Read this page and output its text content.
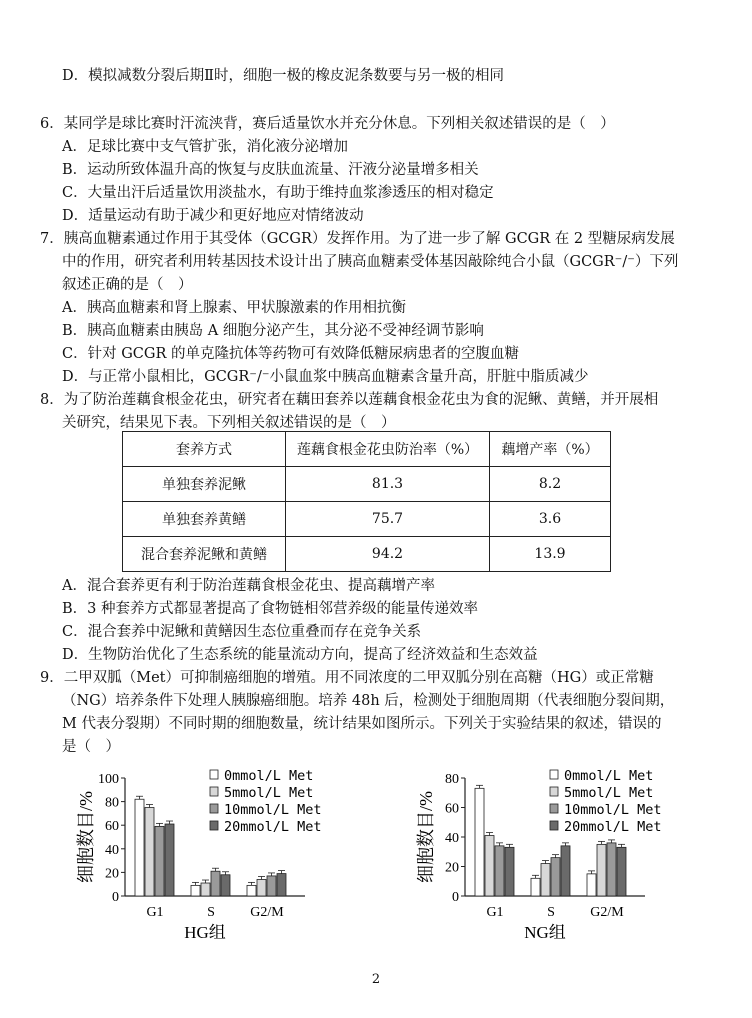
D．模拟减数分裂后期Ⅱ时，细胞一极的橡皮泥条数要与另一极的相同
6．某同学是球比赛时汗流浃背，赛后适量饮水并充分休息。下列相关叙述错误的是（　）
A．足球比赛中支气管扩张，消化液分泌增加
B．运动所致体温升高的恢复与皮肤血流量、汗液分泌量增多相关
C．大量出汗后适量饮用淡盐水，有助于维持血浆渗透压的相对稳定
D．适量运动有助于减少和更好地应对情绪波动
7．胰高血糖素通过作用于其受体（GCGR）发挥作用。为了进一步了解 GCGR 在 2 型糖尿病发展
中的作用，研究者利用转基因技术设计出了胰高血糖素受体基因敲除纯合小鼠（GCGR⁻/⁻）下列
叙述正确的是（　）
A．胰高血糖素和肾上腺素、甲状腺激素的作用相抗衡
B．胰高血糖素由胰岛 A 细胞分泌产生，其分泌不受神经调节影响
C．针对 GCGR 的单克隆抗体等药物可有效降低糖尿病患者的空腹血糖
D．与正常小鼠相比，GCGR⁻/⁻小鼠血浆中胰高血糖素含量升高，肝脏中脂质减少
8．为了防治莲藕食根金花虫，研究者在藕田套养以莲藕食根金花虫为食的泥鳅、黄鳝，并开展相
关研究，结果见下表。下列相关叙述错误的是（　）
A．混合套养更有利于防治莲藕食根金花虫、提高藕增产率
B．3 种套养方式都显著提高了食物链相邻营养级的能量传递效率
C．混合套养中泥鳅和黄鳝因生态位重叠而存在竞争关系
D．生物防治优化了生态系统的能量流动方向，提高了经济效益和生态效益
9．二甲双胍（Met）可抑制癌细胞的增殖。用不同浓度的二甲双胍分别在高糖（HG）或正常糖
（NG）培养条件下处理人胰腺癌细胞。培养 48h 后，检测处于细胞周期（代表细胞分裂间期，
M 代表分裂期）不同时期的细胞数量，统计结果如图所示。下列关于实验结果的叙述，错误的
是（　）
套养方式	莲藕食根金花虫防治率（%）	藕增产率（%）
单独套养泥鳅	81.3	8.2
单独套养黄鳝	75.7	3.6
混合套养泥鳅和黄鳝	94.2	13.9
细胞数目/%
0
20
40
60
80
100
G1	S	G2/M
HG组
0mmol/L Met
5mmol/L Met
10mmol/L Met
20mmol/L Met	细胞数目/%
0
20
40
60
80
G1	S	G2/M
NG组
0mmol/L Met
5mmol/L Met
10mmol/L Met
20mmol/L Met
2
